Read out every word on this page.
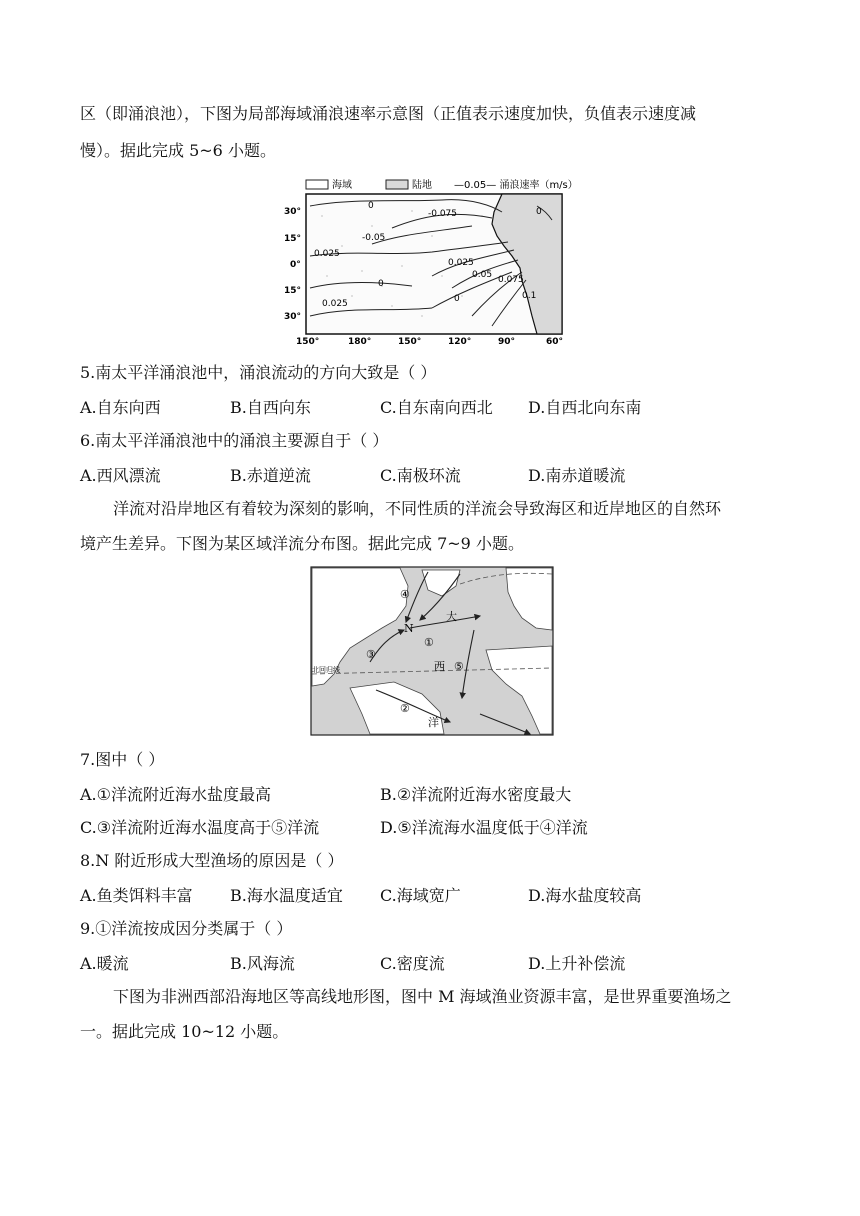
区（即涌浪池），下图为局部海域涌浪速率示意图（正值表示速度加快，负值表示速度减
慢）。据此完成 5~6 小题。
海域	陆地 —0.05— 涌浪速率（m/s）
0
-0.075
-0.05
0
0.025
0.025
0.05 0.075
0.1
0
0.025	0
30°
15°
0°
15°
30°
150°	180°	150°	120°	90°	60°
5.南太平洋涌浪池中，涌浪流动的方向大致是（ ）
A.自东向西	B.自西向东	C.自东南向西北 D.自西北向东南
6.南太平洋涌浪池中的涌浪主要源自于（ ）
A.西风漂流	B.赤道逆流	C.南极环流	D.南赤道暖流
洋流对沿岸地区有着较为深刻的影响，不同性质的洋流会导致海区和近岸地区的自然环
境产生差异。下图为某区域洋流分布图。据此完成 7~9 小题。
④
N
大
①
③
西 ⑤
②
洋
北回归线
7.图中（ ）
A.①洋流附近海水盐度最高	B.②洋流附近海水密度最大
C.③洋流附近海水温度高于⑤洋流	D.⑤洋流海水温度低于④洋流
8.N 附近形成大型渔场的原因是（ ）
A.鱼类饵料丰富 B.海水温度适宜 C.海域宽广	D.海水盐度较高
9.①洋流按成因分类属于（ ）
A.暖流	B.风海流	C.密度流	D.上升补偿流
下图为非洲西部沿海地区等高线地形图，图中 M 海域渔业资源丰富，是世界重要渔场之
一。据此完成 10~12 小题。
